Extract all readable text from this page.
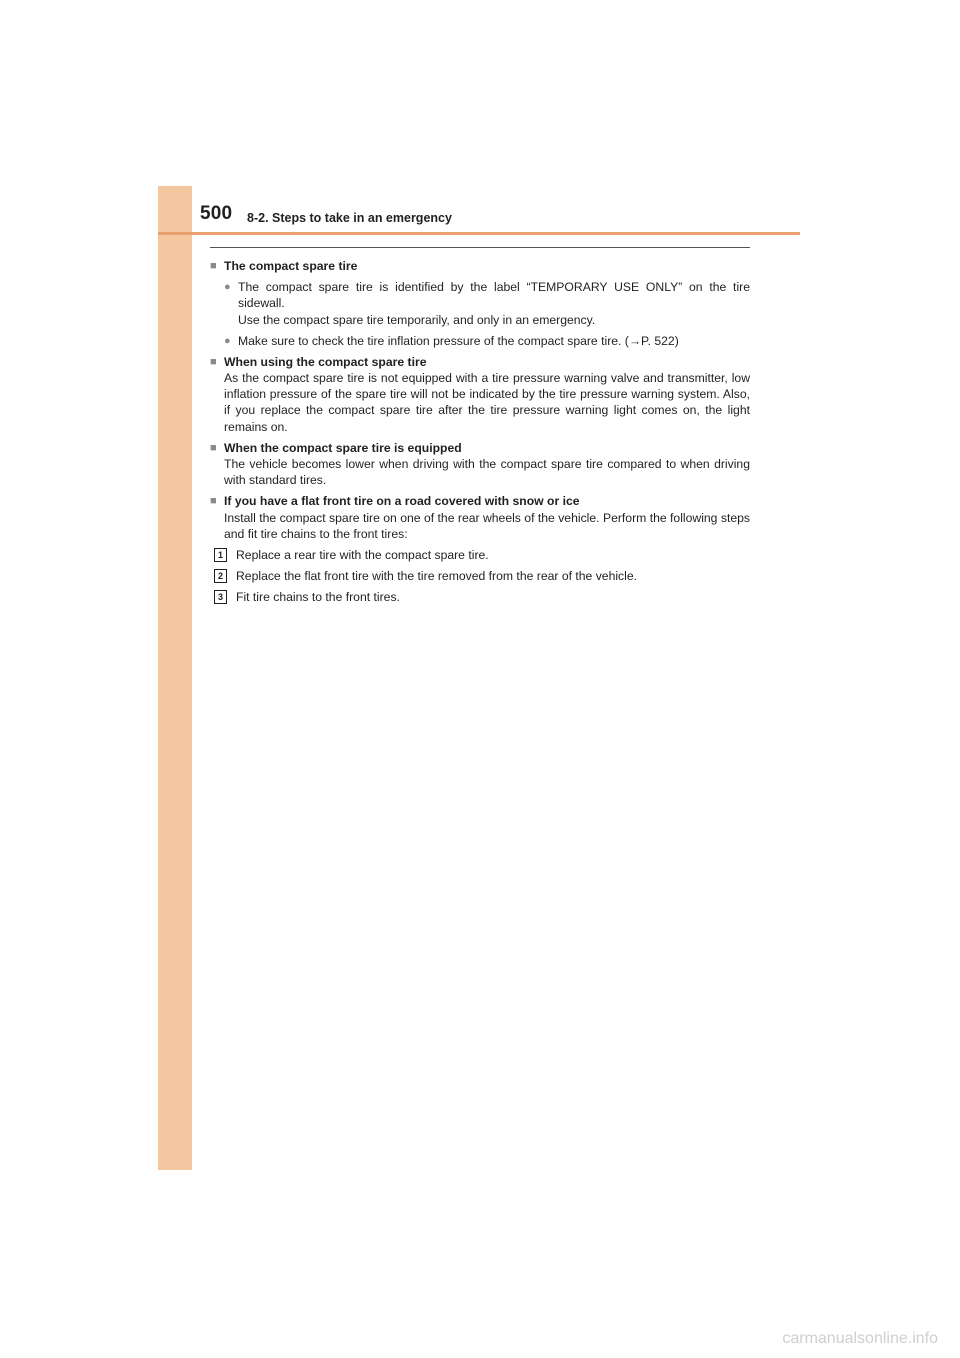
500 8-2. Steps to take in an emergency
■ The compact spare tire
● The compact spare tire is identified by the label “TEMPORARY USE ONLY” on the tire sidewall.
Use the compact spare tire temporarily, and only in an emergency.
● Make sure to check the tire inflation pressure of the compact spare tire. (→P. 522)
■ When using the compact spare tire
As the compact spare tire is not equipped with a tire pressure warning valve and transmitter, low inflation pressure of the spare tire will not be indicated by the tire pressure warning system. Also, if you replace the compact spare tire after the tire pressure warning light comes on, the light remains on.
■ When the compact spare tire is equipped
The vehicle becomes lower when driving with the compact spare tire compared to when driving with standard tires.
■ If you have a flat front tire on a road covered with snow or ice
Install the compact spare tire on one of the rear wheels of the vehicle. Perform the following steps and fit tire chains to the front tires:
1	Replace a rear tire with the compact spare tire.
2	Replace the flat front tire with the tire removed from the rear of the vehicle.
3	Fit tire chains to the front tires.
carmanualsonline.info
